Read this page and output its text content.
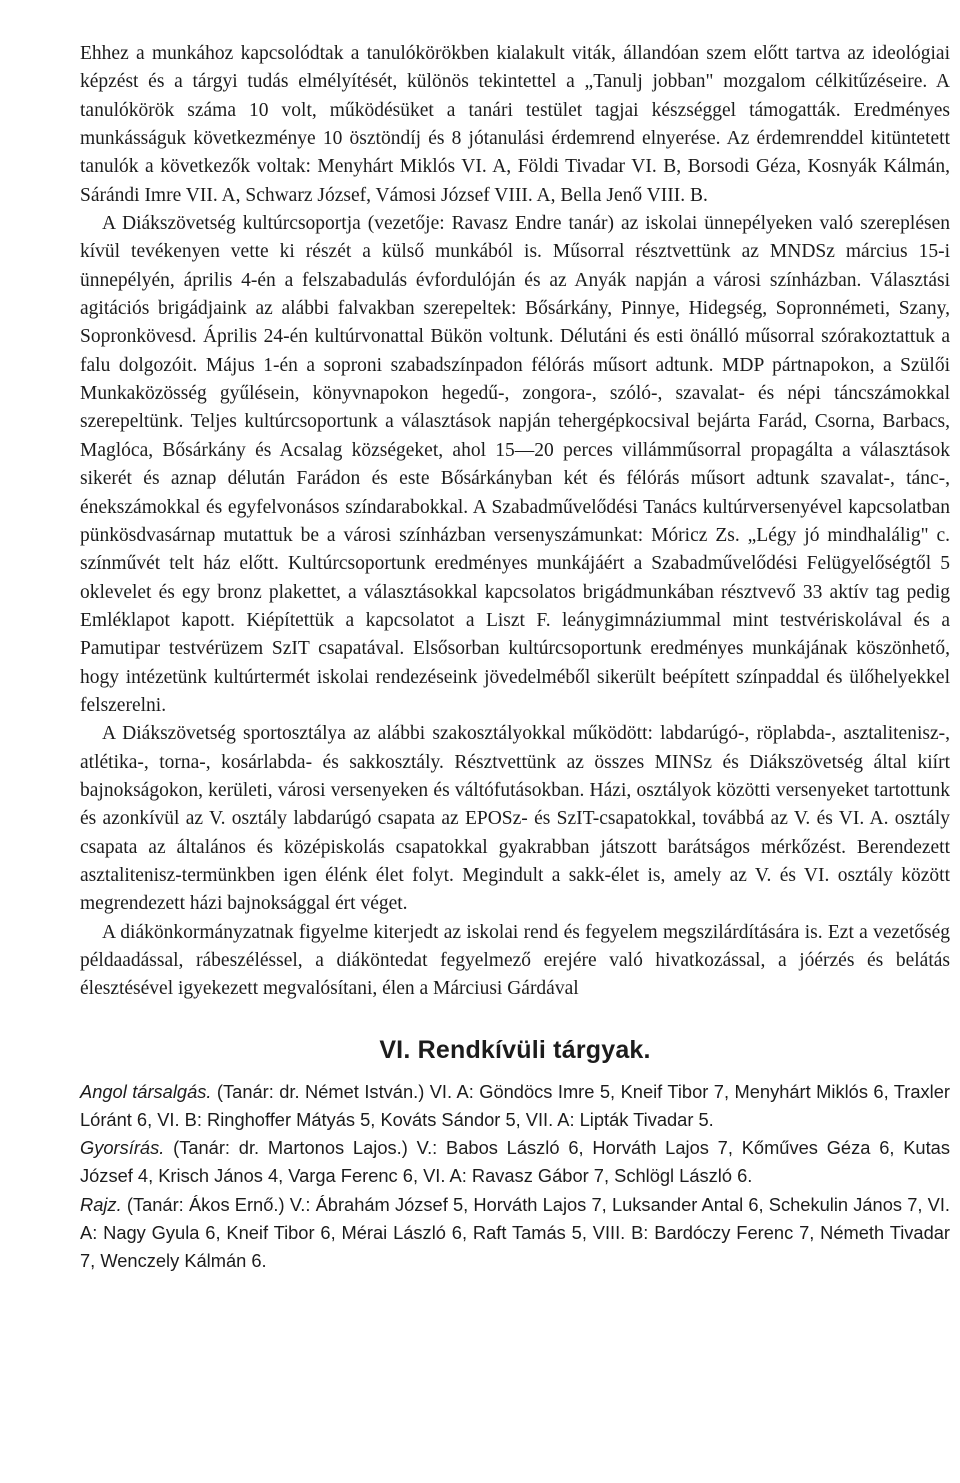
Ehhez a munkához kapcsolódtak a tanulókörökben kialakult viták, állandóan szem előtt tartva az ideológiai képzést és a tárgyi tudás elmélyítését, különös tekintettel a „Tanulj jobban" mozgalom célkitűzéseire. A tanulókörök száma 10 volt, működésüket a tanári testület tagjai készséggel támogatták. Eredményes munkásságuk következménye 10 ösztöndíj és 8 jótanulási érdemrend elnyerése. Az érdemrenddel kitüntetett tanulók a következők voltak: Menyhárt Miklós VI. A, Földi Tivadar VI. B, Borsodi Géza, Kosnyák Kálmán, Sárándi Imre VII. A, Schwarz József, Vámosi József VIII. A, Bella Jenő VIII. B.

A Diákszövetség kultúrcsoportja (vezetője: Ravasz Endre tanár) az iskolai ünnepélyeken való szereplésen kívül tevékenyen vette ki részét a külső munkából is. Műsorral résztvettünk az MNDSz március 15-i ünnepélyén, április 4-én a felszabadulás évfordulóján és az Anyák napján a városi színházban. Választási agitációs brigádjaink az alábbi falvakban szerepeltek: Bősárkány, Pinnye, Hidegség, Sopronnémeti, Szany, Sopronkövesd. Április 24-én kultúrvonattal Bükön voltunk. Délutáni és esti önálló műsorral szórakoztattuk a falu dolgozóit. Május 1-én a soproni szabadszínpadon félórás műsort adtunk. MDP pártnapokon, a Szülői Munkaközösség gyűlésein, könyvnapokon hegedű-, zongora-, szóló-, szavalat- és népi táncszámokkal szerepeltünk. Teljes kultúrcsoportunk a választások napján tehergépkocsival bejárta Farád, Csorna, Barbacs, Maglóca, Bősárkány és Acsalag községeket, ahol 15—20 perces villámműsorral propagálta a választások sikerét és aznap délután Farádon és este Bősárkányban két és félórás műsort adtunk szavalat-, tánc-, énekszámokkal és egyfelvonásos színdarabokkal. A Szabadművelődési Tanács kultúrversenyével kapcsolatban pünkösdvasárnap mutattuk be a városi színházban versenyszámunkat: Móricz Zs. „Légy jó mindhalálig" c. színművét telt ház előtt. Kultúrcsoportunk eredményes munkájáért a Szabadművelődési Felügyelőségtől 5 oklevelet és egy bronz plakettet, a választásokkal kapcsolatos brigádmunkában résztvevő 33 aktív tag pedig Emléklapot kapott. Kiépítettük a kapcsolatot a Liszt F. leánygimnáziummal mint testvériskolával és a Pamutipar testvérüzem SzIT csapatával. Elsősorban kultúrcsoportunk eredményes munkájának köszönhető, hogy intézetünk kultúrtermét iskolai rendezéseink jövedelméből sikerült beépített színpaddal és ülőhelyekkel felszerelni.

A Diákszövetség sportosztálya az alábbi szakosztályokkal működött: labdarúgó-, röplabda-, asztalitenisz-, atlétika-, torna-, kosárlabda- és sakkosztály. Résztvettünk az összes MINSz és Diákszövetség által kiírt bajnokságokon, kerületi, városi versenyeken és váltófutásokban. Házi, osztályok közötti versenyeket tartottunk és azonkívül az V. osztály labdarúgó csapata az EPOSz- és SzIT-csapatokkal, továbbá az V. és VI. A. osztály csapata az általános és középiskolás csapatokkal gyakrabban játszott barátságos mérkőzést. Berendezett asztalitenisz-termünkben igen élénk élet folyt. Megindult a sakk-élet is, amely az V. és VI. osztály között megrendezett házi bajnoksággal ért véget.

A diákönkormányzatnak figyelme kiterjedt az iskolai rend és fegyelem megszilárdítására is. Ezt a vezetőség példaadással, rábeszéléssel, a diáköntedat fegyelmező erejére való hivatkozással, a jóérzés és belátás élesztésével igyekezett megvalósítani, élen a Márciusi Gárdával

VI. Rendkívüli tárgyak.

Angol társalgás. (Tanár: dr. Német István.) VI. A: Göndöcs Imre 5, Kneif Tibor 7, Menyhárt Miklós 6, Traxler Lóránt 6, VI. B: Ringhoffer Mátyás 5, Kováts Sándor 5, VII. A: Lipták Tivadar 5.

Gyorsírás. (Tanár: dr. Martonos Lajos.) V.: Babos László 6, Horváth Lajos 7, Kőműves Géza 6, Kutas József 4, Krisch János 4, Varga Ferenc 6, VI. A: Ravasz Gábor 7, Schlögl László 6.

Rajz. (Tanár: Ákos Ernő.) V.: Ábrahám József 5, Horváth Lajos 7, Luksander Antal 6, Schekulin János 7, VI. A: Nagy Gyula 6, Kneif Tibor 6, Mérai László 6, Raft Tamás 5, VIII. B: Bardóczy Ferenc 7, Németh Tivadar 7, Wenczely Kálmán 6.
